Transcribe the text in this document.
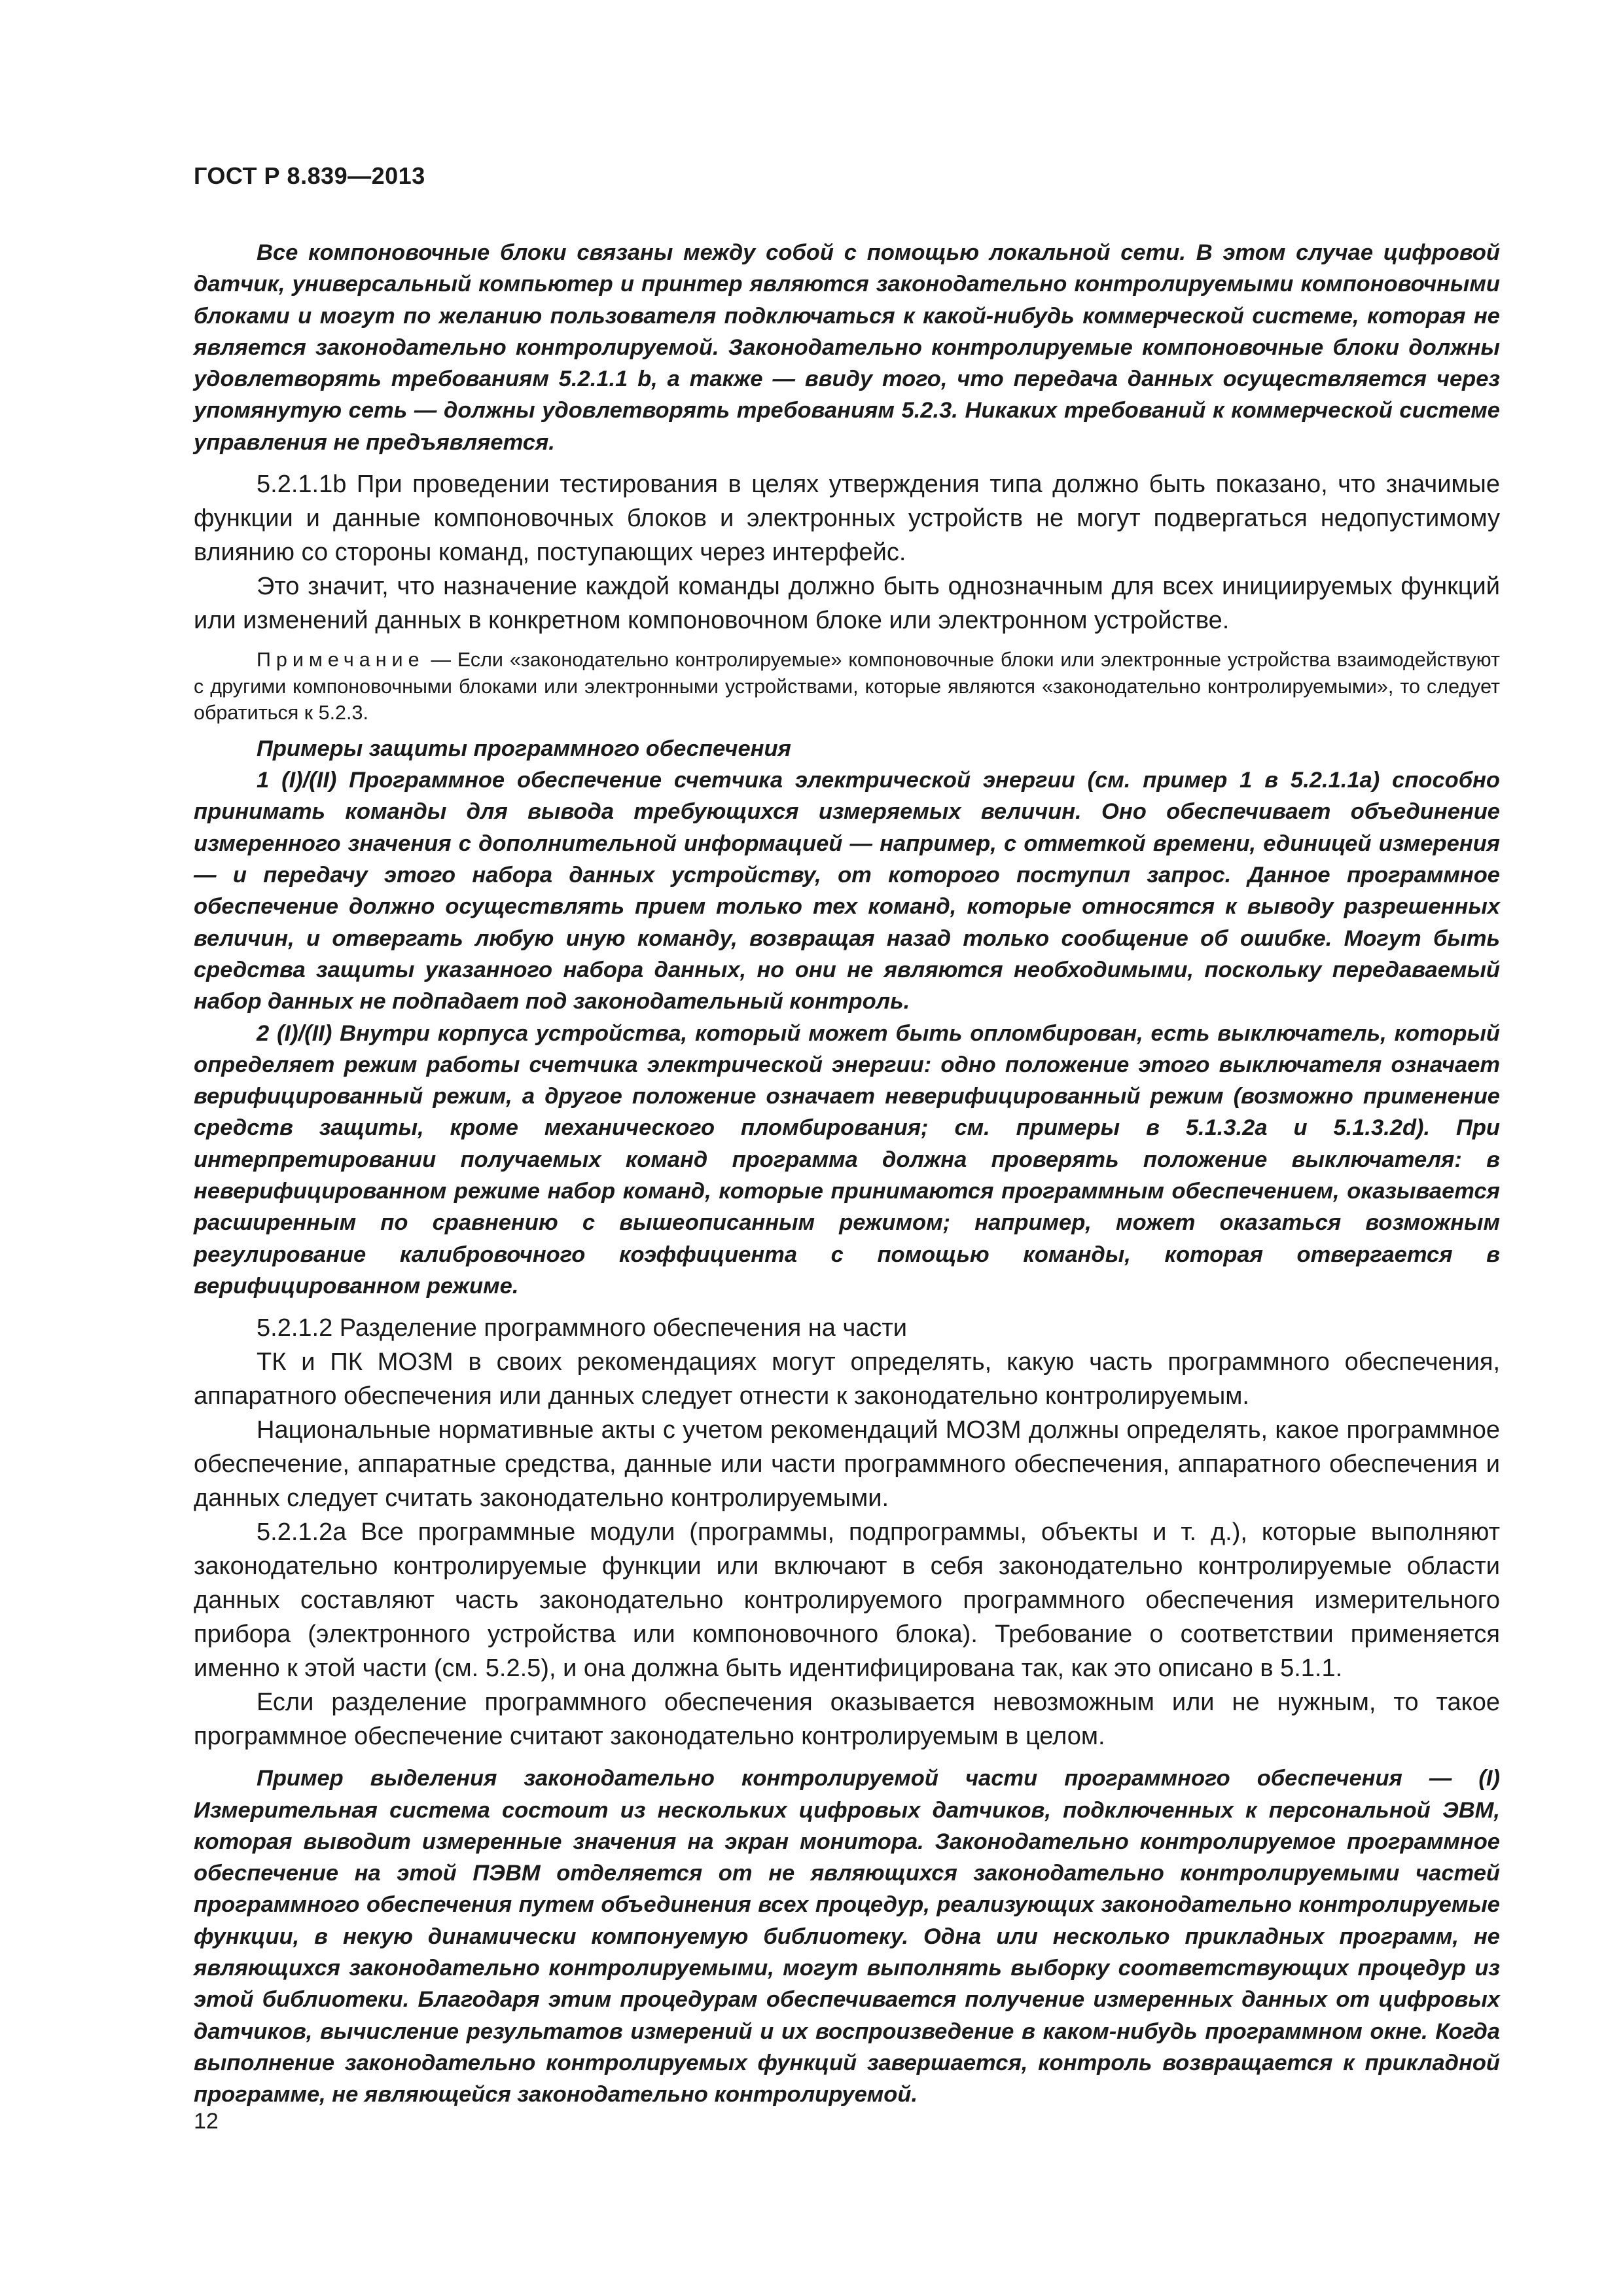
ГОСТ Р 8.839—2013

Все компоновочные блоки связаны между собой с помощью локальной сети. В этом случае цифровой датчик, универсальный компьютер и принтер являются законодательно контролируемыми компоновочными блоками и могут по желанию пользователя подключаться к какой-нибудь коммерческой системе, которая не является законодательно контролируемой. Законодательно контролируемые компоновочные блоки должны удовлетворять требованиям 5.2.1.1 b, а также — ввиду того, что передача данных осуществляется через упомянутую сеть — должны удовлетворять требованиям 5.2.3. Никаких требований к коммерческой системе управления не предъявляется.

5.2.1.1b При проведении тестирования в целях утверждения типа должно быть показано, что значимые функции и данные компоновочных блоков и электронных устройств не могут подвергаться недопустимому влиянию со стороны команд, поступающих через интерфейс.

Это значит, что назначение каждой команды должно быть однозначным для всех инициируемых функций или изменений данных в конкретном компоновочном блоке или электронном устройстве.

Примечание — Если «законодательно контролируемые» компоновочные блоки или электронные устройства взаимодействуют с другими компоновочными блоками или электронными устройствами, которые являются «законодательно контролируемыми», то следует обратиться к 5.2.3.

Примеры защиты программного обеспечения

1 (I)/(II) Программное обеспечение счетчика электрической энергии (см. пример 1 в 5.2.1.1а) способно принимать команды для вывода требующихся измеряемых величин. Оно обеспечивает объединение измеренного значения с дополнительной информацией — например, с отметкой времени, единицей измерения — и передачу этого набора данных устройству, от которого поступил запрос. Данное программное обеспечение должно осуществлять прием только тех команд, которые относятся к выводу разрешенных величин, и отвергать любую иную команду, возвращая назад только сообщение об ошибке. Могут быть средства защиты указанного набора данных, но они не являются необходимыми, поскольку передаваемый набор данных не подпадает под законодательный контроль.

2 (I)/(II) Внутри корпуса устройства, который может быть опломбирован, есть выключатель, который определяет режим работы счетчика электрической энергии: одно положение этого выключателя означает верифицированный режим, а другое положение означает неверифицированный режим (возможно применение средств защиты, кроме механического пломбирования; см. примеры в 5.1.3.2а и 5.1.3.2d). При интерпретировании получаемых команд программа должна проверять положение выключателя: в неверифицированном режиме набор команд, которые принимаются программным обеспечением, оказывается расширенным по сравнению с вышеописанным режимом; например, может оказаться возможным регулирование калибровочного коэффициента с помощью команды, которая отвергается в верифицированном режиме.

5.2.1.2 Разделение программного обеспечения на части

ТК и ПК МОЗМ в своих рекомендациях могут определять, какую часть программного обеспечения, аппаратного обеспечения или данных следует отнести к законодательно контролируемым.

Национальные нормативные акты с учетом рекомендаций МОЗМ должны определять, какое программное обеспечение, аппаратные средства, данные или части программного обеспечения, аппаратного обеспечения и данных следует считать законодательно контролируемыми.

5.2.1.2а Все программные модули (программы, подпрограммы, объекты и т. д.), которые выполняют законодательно контролируемые функции или включают в себя законодательно контролируемые области данных составляют часть законодательно контролируемого программного обеспечения измерительного прибора (электронного устройства или компоновочного блока). Требование о соответствии применяется именно к этой части (см. 5.2.5), и она должна быть идентифицирована так, как это описано в 5.1.1.

Если разделение программного обеспечения оказывается невозможным или не нужным, то такое программное обеспечение считают законодательно контролируемым в целом.

Пример выделения законодательно контролируемой части программного обеспечения — (I) Измерительная система состоит из нескольких цифровых датчиков, подключенных к персональной ЭВМ, которая выводит измеренные значения на экран монитора. Законодательно контролируемое программное обеспечение на этой ПЭВМ отделяется от не являющихся законодательно контролируемыми частей программного обеспечения путем объединения всех процедур, реализующих законодательно контролируемые функции, в некую динамически компонуемую библиотеку. Одна или несколько прикладных программ, не являющихся законодательно контролируемыми, могут выполнять выборку соответствующих процедур из этой библиотеки. Благодаря этим процедурам обеспечивается получение измеренных данных от цифровых датчиков, вычисление результатов измерений и их воспроизведение в каком-нибудь программном окне. Когда выполнение законодательно контролируемых функций завершается, контроль возвращается к прикладной программе, не являющейся законодательно контролируемой.

12
